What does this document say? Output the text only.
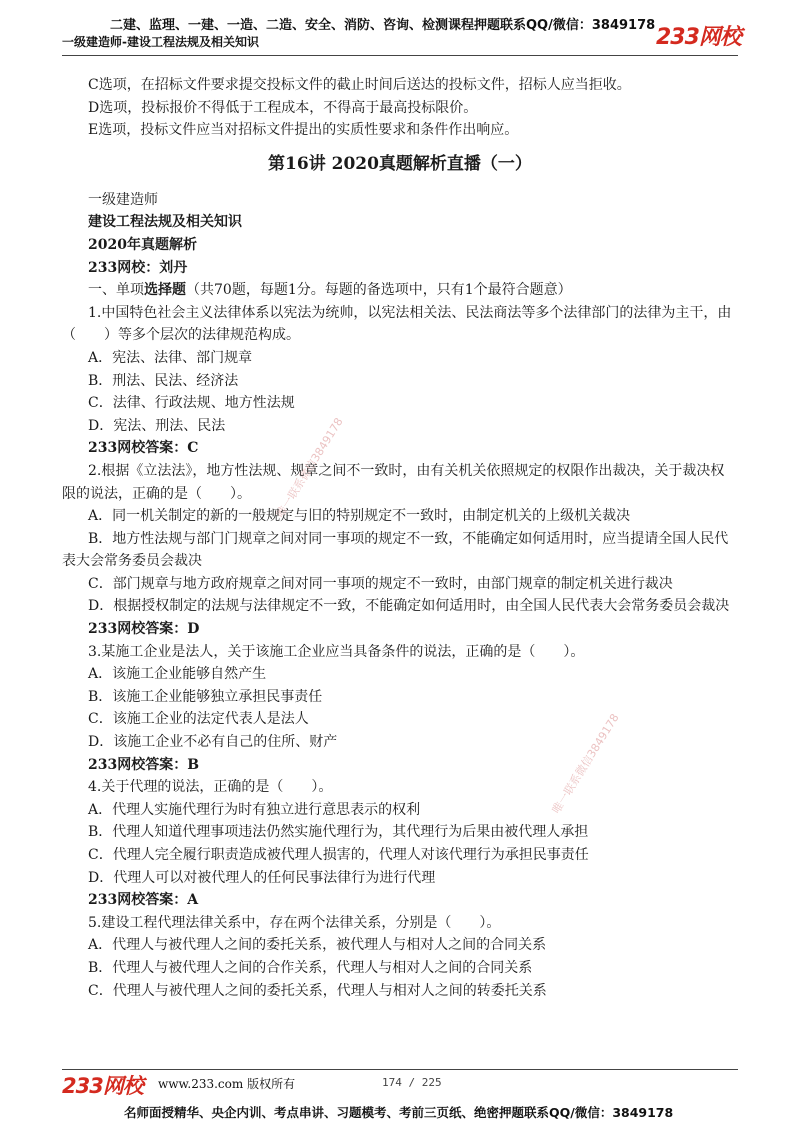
二建、监理、一建、一造、二造、安全、消防、咨询、检测课程押题联系QQ/微信：3849178
一级建造师-建设工程法规及相关知识	233网校
唯一联系微信3849178
唯一联系微信3849178
C选项，在招标文件要求提交投标文件的截止时间后送达的投标文件，招标人应当拒收。
D选项，投标报价不得低于工程成本，不得高于最高投标限价。
E选项，投标文件应当对招标文件提出的实质性要求和条件作出响应。
第16讲 2020真题解析直播（一）
一级建造师
建设工程法规及相关知识
2020年真题解析
233网校：刘丹
一、单项选择题（共70题，每题1分。每题的备选项中，只有1个最符合题意）
1.中国特色社会主义法律体系以宪法为统帅，以宪法相关法、民法商法等多个法律部门的法律为主干，由（　　）等多个层次的法律规范构成。
A．宪法、法律、部门规章
B．刑法、民法、经济法
C．法律、行政法规、地方性法规
D．宪法、刑法、民法
233网校答案：C
2.根据《立法法》，地方性法规、规章之间不一致时，由有关机关依照规定的权限作出裁决，关于裁决权限的说法，正确的是（　　）。
A．同一机关制定的新的一般规定与旧的特别规定不一致时，由制定机关的上级机关裁决
B．地方性法规与部门门规章之间对同一事项的规定不一致，不能确定如何适用时，应当提请全国人民代表大会常务委员会裁决
C．部门规章与地方政府规章之间对同一事项的规定不一致时，由部门规章的制定机关进行裁决
D．根据授权制定的法规与法律规定不一致，不能确定如何适用时，由全国人民代表大会常务委员会裁决
233网校答案：D
3.某施工企业是法人，关于该施工企业应当具备条件的说法，正确的是（　　）。
A．该施工企业能够自然产生
B．该施工企业能够独立承担民事责任
C．该施工企业的法定代表人是法人
D．该施工企业不必有自己的住所、财产
233网校答案：B
4.关于代理的说法，正确的是（　　）。
A．代理人实施代理行为时有独立进行意思表示的权利
B．代理人知道代理事项违法仍然实施代理行为，其代理行为后果由被代理人承担
C．代理人完全履行职责造成被代理人损害的，代理人对该代理行为承担民事责任
D．代理人可以对被代理人的任何民事法律行为进行代理
233网校答案：A
5.建设工程代理法律关系中，存在两个法律关系，分别是（　　）。
A．代理人与被代理人之间的委托关系，被代理人与相对人之间的合同关系
B．代理人与被代理人之间的合作关系，代理人与相对人之间的合同关系
C．代理人与被代理人之间的委托关系，代理人与相对人之间的转委托关系
233网校 www.233.com 版权所有	174 / 225
名师面授精华、央企内训、考点串讲、习题模考、考前三页纸、绝密押题联系QQ/微信：3849178
